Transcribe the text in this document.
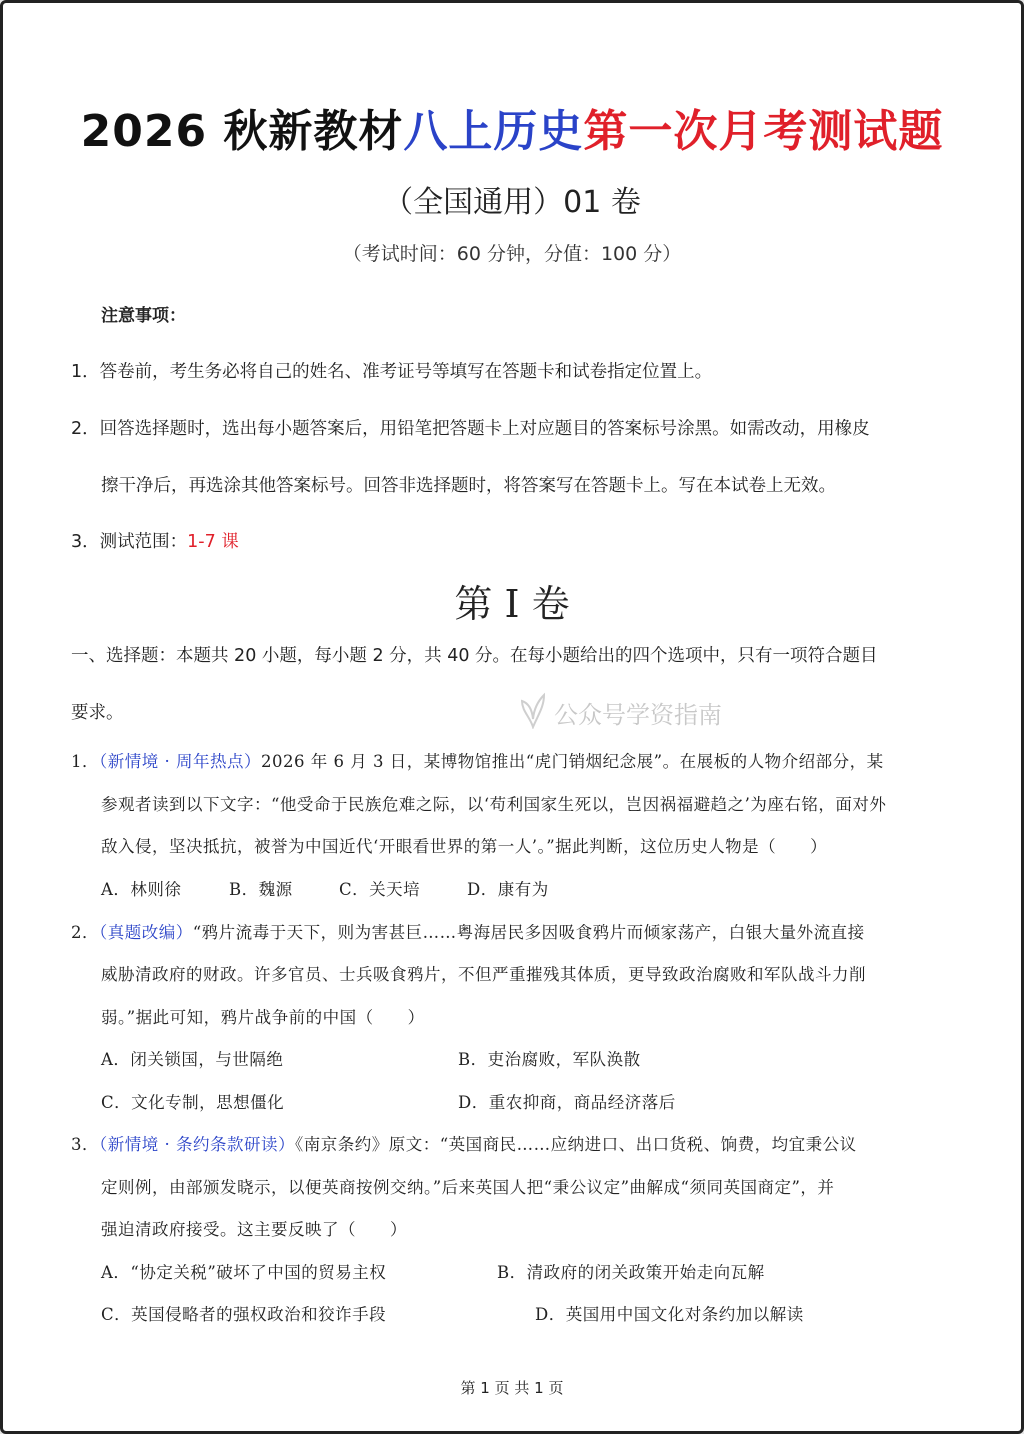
2026 秋新教材八上历史第一次月考测试题
（全国通用）01 卷
（考试时间：60 分钟，分值：100 分）
注意事项：
1．答卷前，考生务必将自己的姓名、准考证号等填写在答题卡和试卷指定位置上。
2．回答选择题时，选出每小题答案后，用铅笔把答题卡上对应题目的答案标号涂黑。如需改动，用橡皮
擦干净后，再选涂其他答案标号。回答非选择题时，将答案写在答题卡上。写在本试卷上无效。
3．测试范围：1-7 课
第 I 卷
一、选择题：本题共 20 小题，每小题 2 分，共 40 分。在每小题给出的四个选项中，只有一项符合题目
要求。	公众号学资指南
1．（新情境 · 周年热点）2026 年 6 月 3 日，某博物馆推出“虎门销烟纪念展”。在展板的人物介绍部分，某
参观者读到以下文字：“他受命于民族危难之际，以‘苟利国家生死以，岂因祸福避趋之’为座右铭，面对外
敌入侵，坚决抵抗，被誉为中国近代‘开眼看世界的第一人’。”据此判断，这位历史人物是（　　）
A．林则徐	B．魏源	C．关天培	D．康有为
2．（真题改编）“鸦片流毒于天下，则为害甚巨……粤海居民多因吸食鸦片而倾家荡产，白银大量外流直接
威胁清政府的财政。许多官员、士兵吸食鸦片，不但严重摧残其体质，更导致政治腐败和军队战斗力削
弱。”据此可知，鸦片战争前的中国（　　）
A．闭关锁国，与世隔绝	B．吏治腐败，军队涣散
C．文化专制，思想僵化	D．重农抑商，商品经济落后
3．（新情境 · 条约条款研读）《南京条约》原文：“英国商民……应纳进口、出口货税、饷费，均宜秉公议
定则例，由部颁发晓示，以便英商按例交纳。”后来英国人把“秉公议定”曲解成“须同英国商定”，并
强迫清政府接受。这主要反映了（　　）
A．“协定关税”破坏了中国的贸易主权	B．清政府的闭关政策开始走向瓦解
C．英国侵略者的强权政治和狡诈手段	D．英国用中国文化对条约加以解读
第 1 页 共 1 页
